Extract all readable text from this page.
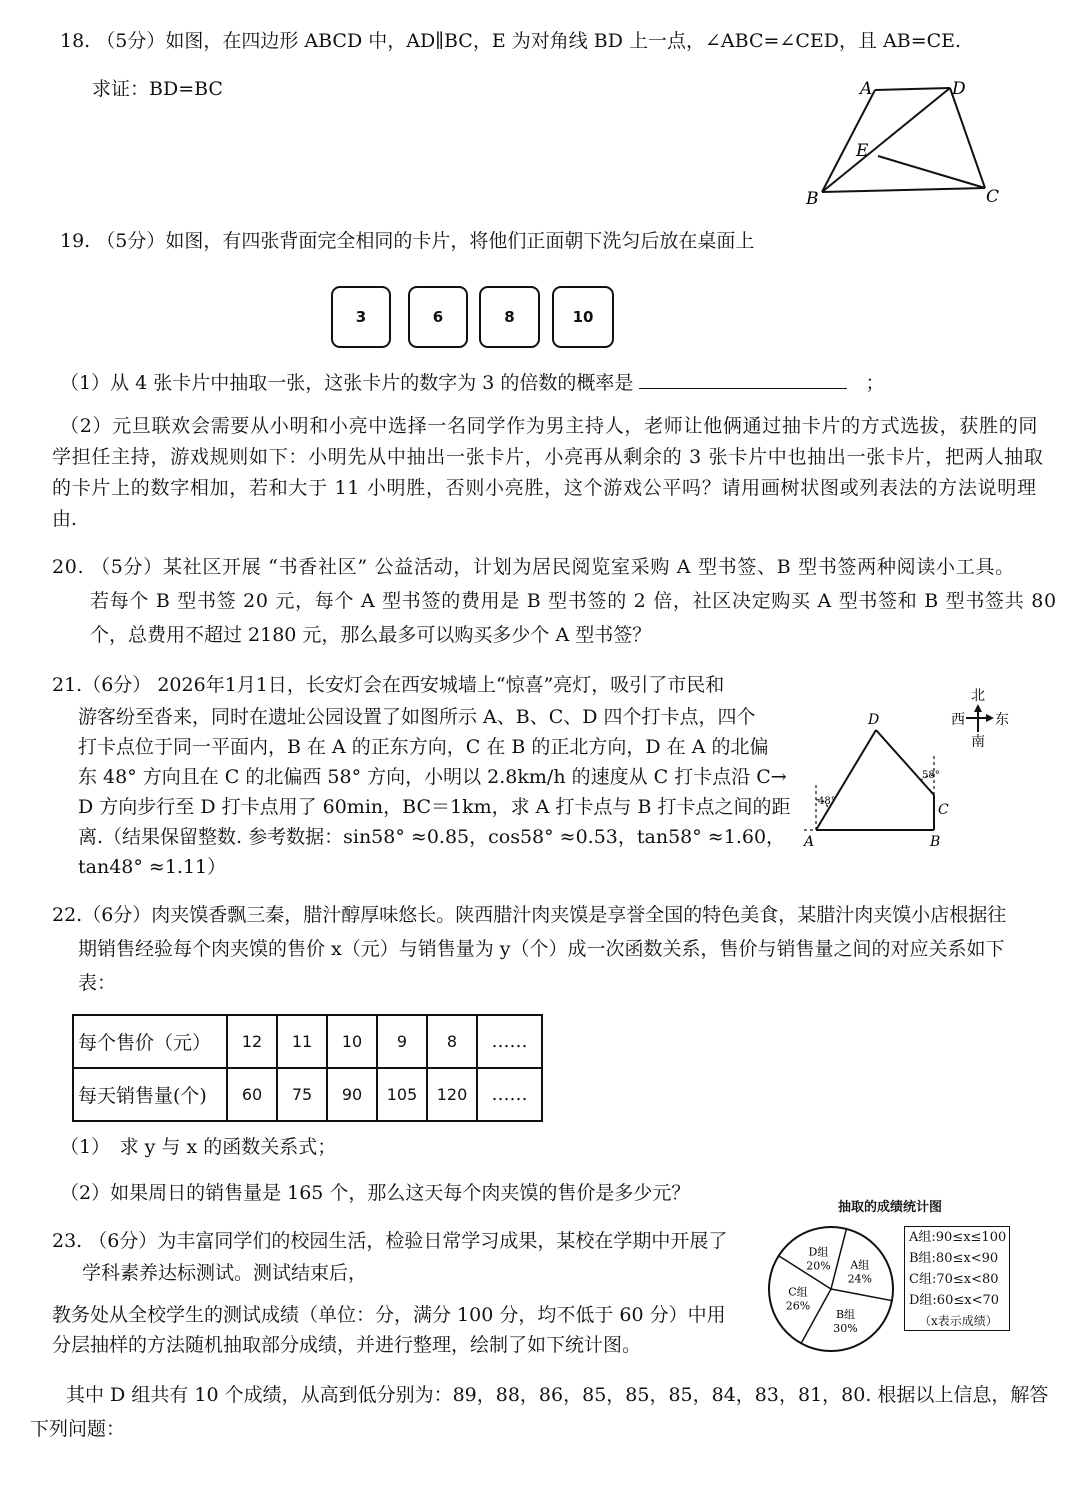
18. （5分）如图，在四边形 ABCD 中，AD∥BC，E 为对角线 BD 上一点，∠ABC=∠CED，且 AB=CE.
求证：BD=BC	A	D
E
B	C
19. （5分）如图，有四张背面完全相同的卡片，将他们正面朝下洗匀后放在桌面上
3	6	8	10
（1）从 4 张卡片中抽取一张，这张卡片的数字为 3 的倍数的概率是	；
（2）元旦联欢会需要从小明和小亮中选择一名同学作为男主持人，老师让他俩通过抽卡片的方式选拔，获胜的同
学担任主持，游戏规则如下：小明先从中抽出一张卡片，小亮再从剩余的 3 张卡片中也抽出一张卡片，把两人抽取
的卡片上的数字相加，若和大于 11 小明胜，否则小亮胜，这个游戏公平吗？请用画树状图或列表法的方法说明理
由.
20. （5分）某社区开展 “书香社区” 公益活动，计划为居民阅览室采购 A 型书签、B 型书签两种阅读小工具。
若每个 B 型书签 20 元，每个 A 型书签的费用是 B 型书签的 2 倍，社区决定购买 A 型书签和 B 型书签共 80
个，总费用不超过 2180 元，那么最多可以购买多少个 A 型书签？
21.（6分） 2026年1月1日，长安灯会在西安城墙上“惊喜”亮灯，吸引了市民和
游客纷至沓来，同时在遗址公园设置了如图所示 A、B、C、D 四个打卡点，四个
打卡点位于同一平面内，B 在 A 的正东方向，C 在 B 的正北方向，D 在 A 的北偏
东 48° 方向且在 C 的北偏西 58° 方向，小明以 2.8km/h 的速度从 C 打卡点沿 C→
D 方向步行至 D 打卡点用了 60min，BC＝1km，求 A 打卡点与 B 打卡点之间的距
离.（结果保留整数. 参考数据：sin58° ≈0.85，cos58° ≈0.53，tan58° ≈1.60，
tan48° ≈1.11）
北
西 东
南
D
C
A	B
48°
58°
22.（6分）肉夹馍香飘三秦，腊汁醇厚味悠长。陕西腊汁肉夹馍是享誉全国的特色美食，某腊汁肉夹馍小店根据往
期销售经验每个肉夹馍的售价 x（元）与销售量为 y（个）成一次函数关系，售价与销售量之间的对应关系如下
表：
每个售价（元）	12	11	10	9	8	……
每天销售量(个)	60	75	90	105	120	……
（1）　求 y 与 x 的函数关系式；
（2）如果周日的销售量是 165 个，那么这天每个肉夹馍的售价是多少元？
23. （6分）为丰富同学们的校园生活，检验日常学习成果，某校在学期中开展了
学科素养达标测试。测试结束后，
教务处从全校学生的测试成绩（单位：分，满分 100 分，均不低于 60 分）中用
分层抽样的方法随机抽取部分成绩，并进行整理，绘制了如下统计图。
其中 D 组共有 10 个成绩，从高到低分别为：89，88，86，85，85，85，84，83，81，80. 根据以上信息，解答
下列问题：
抽取的成绩统计图
D组
20% A组
24%
B组
30%
C组
26%
A组:90≤x≤100
B组:80≤x<90
C组:70≤x<80
D组:60≤x<70
（x表示成绩）
